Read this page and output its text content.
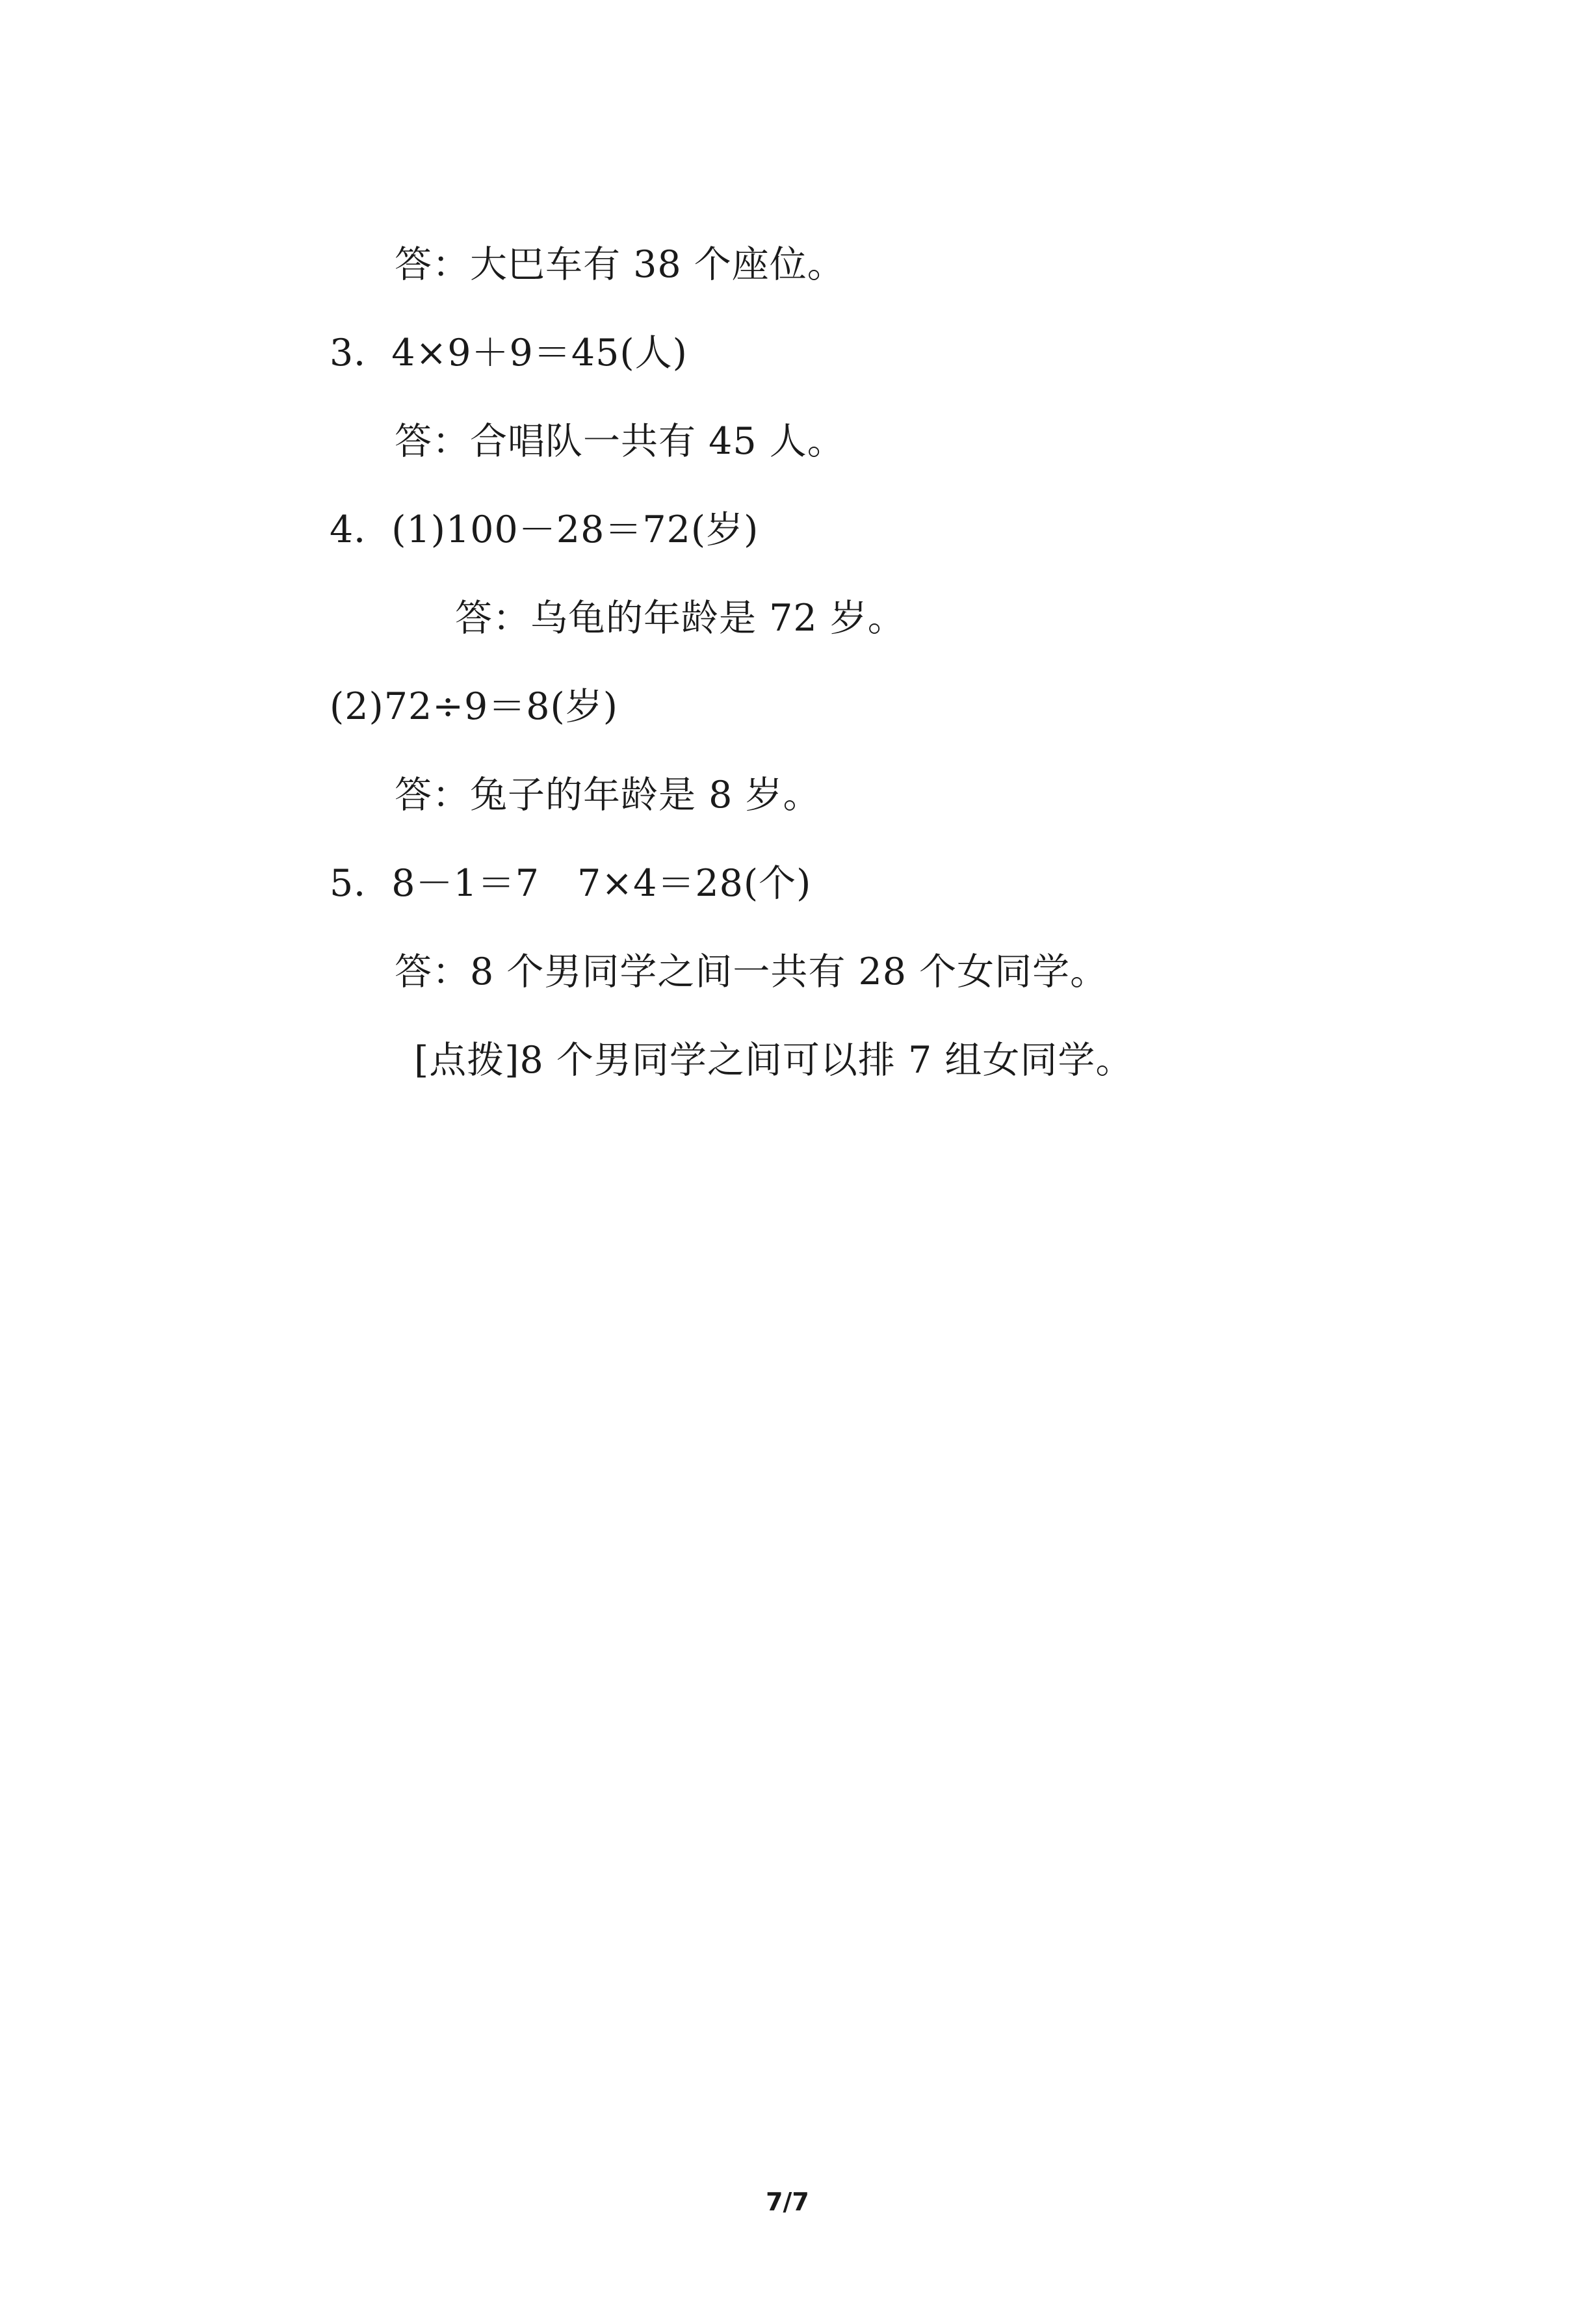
答：大巴车有 38 个座位。
3．4×9＋9＝45(人)
答：合唱队一共有 45 人。
4．(1)100－28＝72(岁)
答：乌龟的年龄是 72 岁。
(2)72÷9＝8(岁)
答：兔子的年龄是 8 岁。
5．8－1＝7　7×4＝28(个)
答：8 个男同学之间一共有 28 个女同学。
[点拨]8 个男同学之间可以排 7 组女同学。
7/7
